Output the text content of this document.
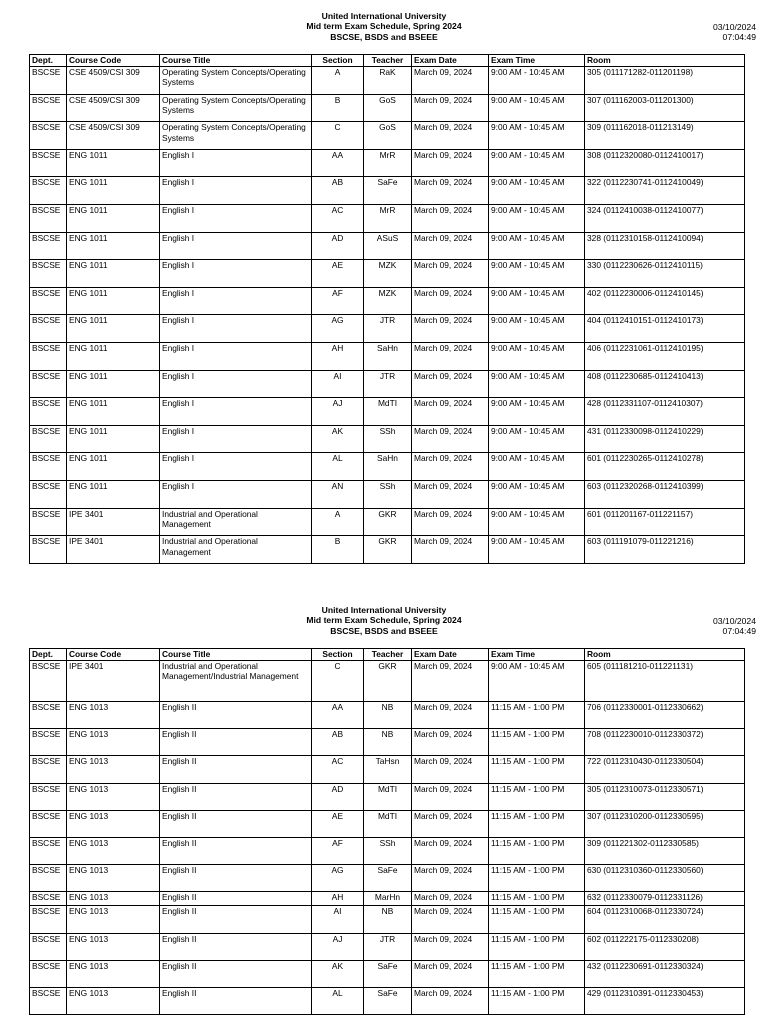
United International University
Mid term Exam Schedule, Spring 2024
BSCSE, BSDS and BSEEE
03/10/2024
07:04:49
Dept.	Course Code	Course Title	Section	Teacher	Exam Date	Exam Time	Room
BSCSE	CSE 4509/CSI 309	Operating System Concepts/Operating Systems	A	RaK	March 09, 2024	9:00 AM - 10:45 AM	305 (011171282-011201198)
BSCSE	CSE 4509/CSI 309	Operating System Concepts/Operating Systems	B	GoS	March 09, 2024	9:00 AM - 10:45 AM	307 (011162003-011201300)
BSCSE	CSE 4509/CSI 309	Operating System Concepts/Operating Systems	C	GoS	March 09, 2024	9:00 AM - 10:45 AM	309 (011162018-011213149)
BSCSE	ENG 1011	English I	AA	MrR	March 09, 2024	9:00 AM - 10:45 AM	308 (0112320080-0112410017)
BSCSE	ENG 1011	English I	AB	SaFe	March 09, 2024	9:00 AM - 10:45 AM	322 (0112230741-0112410049)
BSCSE	ENG 1011	English I	AC	MrR	March 09, 2024	9:00 AM - 10:45 AM	324 (0112410038-0112410077)
BSCSE	ENG 1011	English I	AD	ASuS	March 09, 2024	9:00 AM - 10:45 AM	328 (0112310158-0112410094)
BSCSE	ENG 1011	English I	AE	MZK	March 09, 2024	9:00 AM - 10:45 AM	330 (0112230626-0112410115)
BSCSE	ENG 1011	English I	AF	MZK	March 09, 2024	9:00 AM - 10:45 AM	402 (0112230006-0112410145)
BSCSE	ENG 1011	English I	AG	JTR	March 09, 2024	9:00 AM - 10:45 AM	404 (0112410151-0112410173)
BSCSE	ENG 1011	English I	AH	SaHn	March 09, 2024	9:00 AM - 10:45 AM	406 (0112231061-0112410195)
BSCSE	ENG 1011	English I	AI	JTR	March 09, 2024	9:00 AM - 10:45 AM	408 (0112230685-0112410413)
BSCSE	ENG 1011	English I	AJ	MdTI	March 09, 2024	9:00 AM - 10:45 AM	428 (0112331107-0112410307)
BSCSE	ENG 1011	English I	AK	SSh	March 09, 2024	9:00 AM - 10:45 AM	431 (0112330098-0112410229)
BSCSE	ENG 1011	English I	AL	SaHn	March 09, 2024	9:00 AM - 10:45 AM	601 (0112230265-0112410278)
BSCSE	ENG 1011	English I	AN	SSh	March 09, 2024	9:00 AM - 10:45 AM	603 (0112320268-0112410399)
BSCSE	IPE 3401	Industrial and Operational Management	A	GKR	March 09, 2024	9:00 AM - 10:45 AM	601 (011201167-011221157)
BSCSE	IPE 3401	Industrial and Operational Management	B	GKR	March 09, 2024	9:00 AM - 10:45 AM	603 (011191079-011221216)
United International University
Mid term Exam Schedule, Spring 2024
BSCSE, BSDS and BSEEE
03/10/2024
07:04:49
Dept.	Course Code	Course Title	Section	Teacher	Exam Date	Exam Time	Room
BSCSE	IPE 3401	Industrial and Operational Management/Industrial Management	C	GKR	March 09, 2024	9:00 AM - 10:45 AM	605 (011181210-011221131)
BSCSE	ENG 1013	English II	AA	NB	March 09, 2024	11:15 AM - 1:00 PM	706 (0112330001-0112330662)
BSCSE	ENG 1013	English II	AB	NB	March 09, 2024	11:15 AM - 1:00 PM	708 (0112230010-0112330372)
BSCSE	ENG 1013	English II	AC	TaHsn	March 09, 2024	11:15 AM - 1:00 PM	722 (0112310430-0112330504)
BSCSE	ENG 1013	English II	AD	MdTI	March 09, 2024	11:15 AM - 1:00 PM	305 (0112310073-0112330571)
BSCSE	ENG 1013	English II	AE	MdTI	March 09, 2024	11:15 AM - 1:00 PM	307 (0112310200-0112330595)
BSCSE	ENG 1013	English II	AF	SSh	March 09, 2024	11:15 AM - 1:00 PM	309 (011221302-0112330585)
BSCSE	ENG 1013	English II	AG	SaFe	March 09, 2024	11:15 AM - 1:00 PM	630 (0112310360-0112330560)
BSCSE	ENG 1013	English II	AH	MarHn	March 09, 2024	11:15 AM - 1:00 PM	632 (0112330079-0112331126)
BSCSE	ENG 1013	English II	AI	NB	March 09, 2024	11:15 AM - 1:00 PM	604 (0112310068-0112330724)
BSCSE	ENG 1013	English II	AJ	JTR	March 09, 2024	11:15 AM - 1:00 PM	602 (011222175-0112330208)
BSCSE	ENG 1013	English II	AK	SaFe	March 09, 2024	11:15 AM - 1:00 PM	432 (0112230691-0112330324)
BSCSE	ENG 1013	English II	AL	SaFe	March 09, 2024	11:15 AM - 1:00 PM	429 (0112310391-0112330453)
